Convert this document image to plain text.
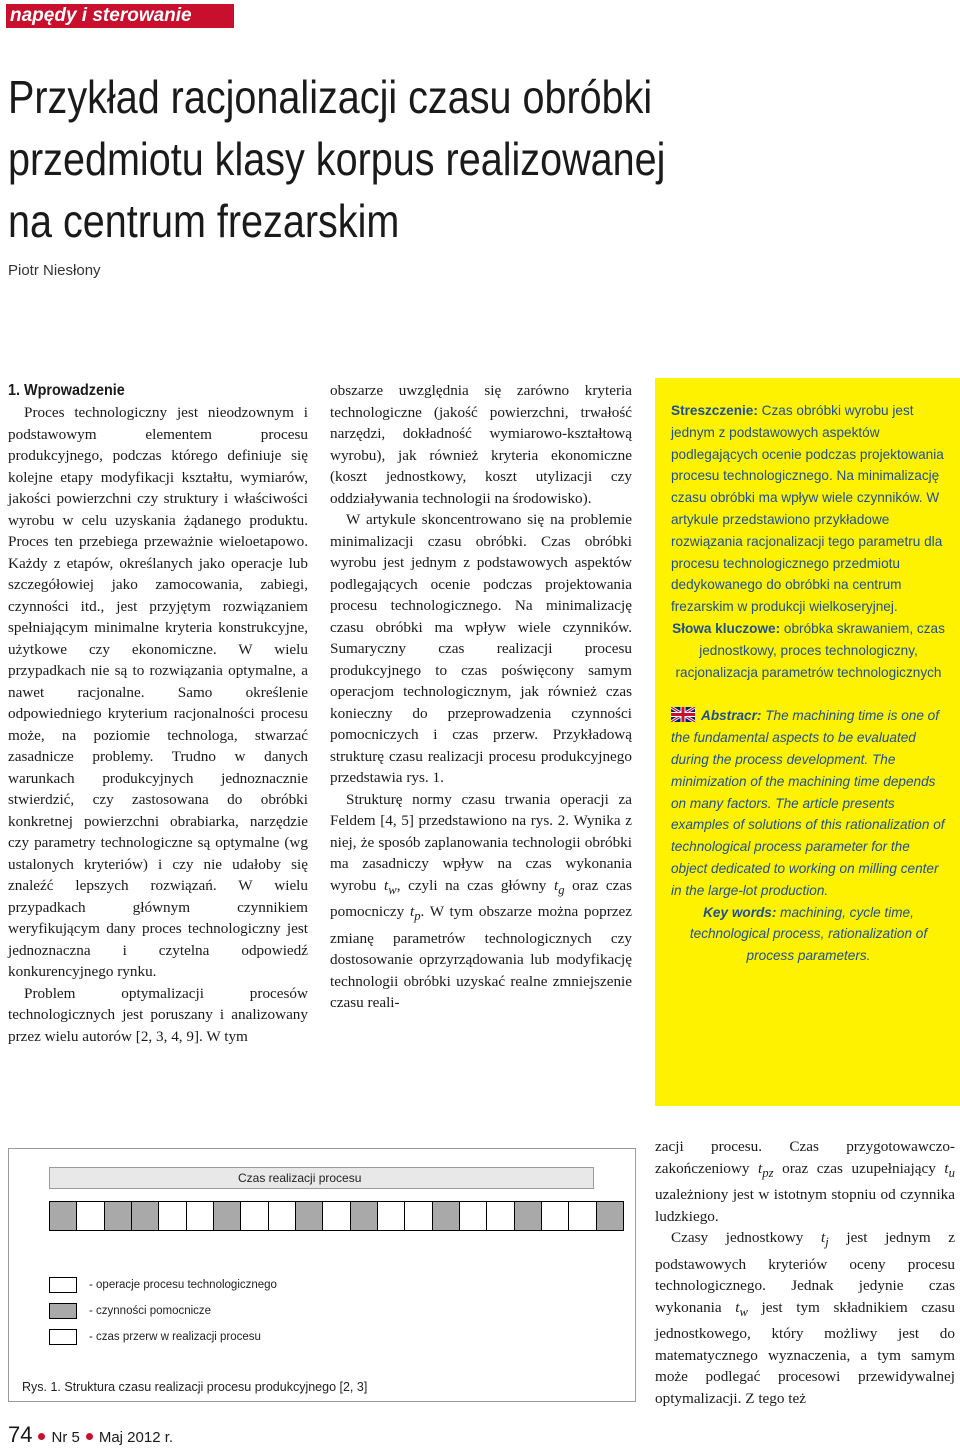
napędy i sterowanie
Przykład racjonalizacji czasu obróbki
przedmiotu klasy korpus realizowanej
na centrum frezarskim
Piotr Niesłony
1. Wprowadzenie

Proces technologiczny jest nieodzownym i podstawowym elementem procesu produkcyjnego, podczas którego definiuje się kolejne etapy modyfikacji kształtu, wymiarów, jakości powierzchni czy struktury i właściwości wyrobu w celu uzyskania żądanego produktu. Proces ten przebiega przeważnie wieloetapowo. Każdy z etapów, określanych jako operacje lub szczegółowiej jako zamocowania, zabiegi, czynności itd., jest przyjętym rozwiązaniem spełniającym minimalne kryteria konstrukcyjne, użytkowe czy ekonomiczne. W wielu przypadkach nie są to rozwiązania optymalne, a nawet racjonalne. Samo określenie odpowiedniego kryterium racjonalności procesu może, na poziomie technologa, stwarzać zasadnicze problemy. Trudno w danych warunkach produkcyjnych jednoznacznie stwierdzić, czy zastosowana do obróbki konkretnej powierzchni obrabiarka, narzędzie czy parametry technologiczne są optymalne (wg ustalonych kryteriów) i czy nie udałoby się znaleźć lepszych rozwiązań. W wielu przypadkach głównym czynnikiem weryfikującym dany proces technologiczny jest jednoznaczna i czytelna odpowiedź konkurencyjnego rynku.

Problem optymalizacji procesów technologicznych jest poruszany i analizowany przez wielu autorów [2, 3, 4, 9]. W tym

obszarze uwzględnia się zarówno kryteria technologiczne (jakość powierzchni, trwałość narzędzi, dokładność wymiarowo-kształtową wyrobu), jak również kryteria ekonomiczne (koszt jednostkowy, koszt utylizacji czy oddziaływania technologii na środowisko).

W artykule skoncentrowano się na problemie minimalizacji czasu obróbki. Czas obróbki wyrobu jest jednym z podstawowych aspektów podlegających ocenie podczas projektowania procesu technologicznego. Na minimalizację czasu obróbki ma wpływ wiele czynników. Sumaryczny czas realizacji procesu produkcyjnego to czas poświęcony samym operacjom technologicznym, jak również czas konieczny do przeprowadzenia czynności pomocniczych i czas przerw. Przykładową strukturę czasu realizacji procesu produkcyjnego przedstawia rys. 1.

Strukturę normy czasu trwania operacji za Feldem [4, 5] przedstawiono na rys. 2. Wynika z niej, że sposób zaplanowania technologii obróbki ma zasadniczy wpływ na czas wykonania wyrobu $t_w$, czyli na czas główny $t_g$ oraz czas pomocniczy $t_p$. W tym obszarze można poprzez zmianę parametrów technologicznych czy dostosowanie oprzyrządowania lub modyfikację technologii obróbki uzyskać realne zmniejszenie czasu reali-

Streszczenie: Czas obróbki wyrobu jest jednym z podstawowych aspektów podlegających ocenie podczas projektowania procesu technologicznego. Na minimalizację czasu obróbki ma wpływ wiele czynników. W artykule przedstawiono przykładowe rozwiązania racjonalizacji tego parametru dla procesu technologicznego przedmiotu dedykowanego do obróbki na centrum frezarskim w produkcji wielkoseryjnej.

Słowa kluczowe: obróbka skrawaniem, czas jednostkowy, proces technologiczny, racjonalizacja parametrów technologicznych

Abstracr: The machining time is one of the fundamental aspects to be evaluated during the process development. The minimization of the machining time depends on many factors. The article presents examples of solutions of this rationalization of technological process parameter for the object dedicated to working on milling center in the large-lot production.

Key words: machining, cycle time, technological process, rationalization of process parameters.

Czas realizacji procesu
- operacje procesu technologicznego
- czynności pomocnicze
- czas przerw w realizacji procesu
Rys. 1. Struktura czasu realizacji procesu produkcyjnego [2, 3]

zacji procesu. Czas przygotowawczo-zakończeniowy $t_{pz}$ oraz czas uzupełniający $t_u$ uzależniony jest w istotnym stopniu od czynnika ludzkiego.

Czasy jednostkowy $t_j$ jest jednym z podstawowych kryteriów oceny procesu technologicznego. Jednak jedynie czas wykonania $t_w$ jest tym składnikiem czasu jednostkowego, który możliwy jest do matematycznego wyznaczenia, a tym samym może podlegać procesowi przewidywalnej optymalizacji. Z tego też

74 Nr 5 Maj 2012 r.
